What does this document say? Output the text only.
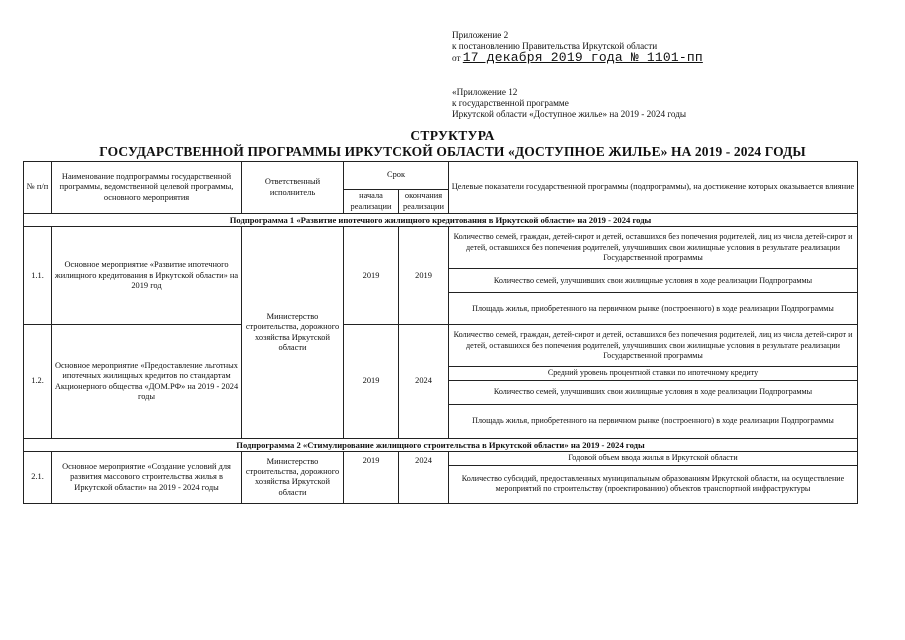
Приложение 2
к постановлению Правительства Иркутской области
от 17 декабря 2019 года № 1101-пп
«Приложение 12
к государственной программе
Иркутской области «Доступное жилье» на 2019 - 2024 годы
СТРУКТУРА
ГОСУДАРСТВЕННОЙ ПРОГРАММЫ ИРКУТСКОЙ ОБЛАСТИ «ДОСТУПНОЕ ЖИЛЬЕ» НА 2019 - 2024 ГОДЫ
№ п/п	Наименование подпрограммы государственной программы, ведомственной целевой программы, основного мероприятия	Ответственный исполнитель	Срок		Целевые показатели государственной программы (подпрограммы), на достижение которых оказывается влияние
			начала реализации	окончания реализации	
Подпрограмма 1 «Развитие ипотечного жилищного кредитования в Иркутской области» на 2019 - 2024 годы					
1.1.	Основное мероприятие «Развитие ипотечного жилищного кредитования в Иркутской области» на 2019 год	Министерство строительства, дорожного хозяйства Иркутской области	2019	2019	Количество семей, граждан, детей-сирот и детей, оставшихся без попечения родителей, лиц из числа детей-сирот и детей, оставшихся без попечения родителей, улучшивших свои жилищные условия в результате реализации Государственной программы
					Количество семей, улучшивших свои жилищные условия в ходе реализации Подпрограммы
					Площадь жилья, приобретенного на первичном рынке (построенного) в ходе реализации Подпрограммы
1.2.	Основное мероприятие «Предоставление льготных ипотечных жилищных кредитов по стандартам Акционерного общества «ДОМ.РФ» на 2019 - 2024 годы		2019	2024	Количество семей, граждан, детей-сирот и детей, оставшихся без попечения родителей, лиц из числа детей-сирот и детей, оставшихся без попечения родителей, улучшивших свои жилищные условия в результате реализации Государственной программы
					Средний уровень процентной ставки по ипотечному кредиту
					Количество семей, улучшивших свои жилищные условия в ходе реализации Подпрограммы
					Площадь жилья, приобретенного на первичном рынке (построенного) в ходе реализации Подпрограммы
Подпрограмма 2 «Стимулирование жилищного строительства в Иркутской области» на 2019 - 2024 годы					
2.1.	Основное мероприятие «Создание условий для развития массового строительства жилья в Иркутской области» на 2019 - 2024 годы	Министерство строительства, дорожного хозяйства Иркутской области	2019	2024	Годовой объем ввода жилья в Иркутской области
					Количество субсидий, предоставленных муниципальным образованиям Иркутской области, на осуществление мероприятий по строительству (проектированию) объектов транспортной инфраструктуры
